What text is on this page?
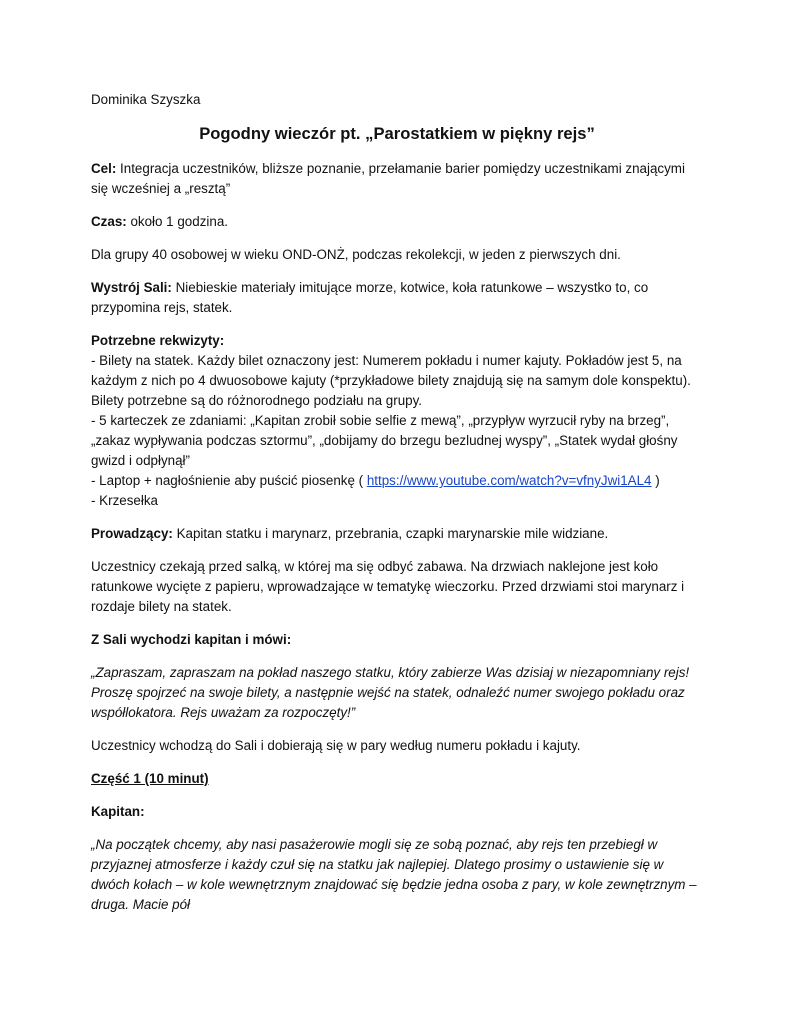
Dominika Szyszka

Pogodny wieczór pt. „Parostatkiem w piękny rejs”

Cel: Integracja uczestników, bliższe poznanie, przełamanie barier pomiędzy uczestnikami znającymi się wcześniej a „resztą”

Czas: około 1 godzina.

Dla grupy 40 osobowej w wieku OND-ONŻ, podczas rekolekcji, w jeden z pierwszych dni.

Wystrój Sali: Niebieskie materiały imitujące morze, kotwice, koła ratunkowe – wszystko to, co przypomina rejs, statek.

Potrzebne rekwizyty:
- Bilety na statek. Każdy bilet oznaczony jest: Numerem pokładu i numer kajuty. Pokładów jest 5, na każdym z nich po 4 dwuosobowe kajuty (*przykładowe bilety znajdują się na samym dole konspektu). Bilety potrzebne są do różnorodnego podziału na grupy.
- 5 karteczek ze zdaniami: „Kapitan zrobił sobie selfie z mewą”, „przypływ wyrzucił ryby na brzeg”, „zakaz wypływania podczas sztormu”, „dobijamy do brzegu bezludnej wyspy”, „Statek wydał głośny gwizd i odpłynął”
- Laptop + nagłośnienie aby puścić piosenkę ( https://www.youtube.com/watch?v=vfnyJwi1AL4 )
- Krzesełka

Prowadzący: Kapitan statku i marynarz, przebrania, czapki marynarskie mile widziane.

Uczestnicy czekają przed salką, w której ma się odbyć zabawa. Na drzwiach naklejone jest koło ratunkowe wycięte z papieru, wprowadzające w tematykę wieczorku. Przed drzwiami stoi marynarz i rozdaje bilety na statek.

Z Sali wychodzi kapitan i mówi:

„Zapraszam, zapraszam na pokład naszego statku, który zabierze Was dzisiaj w niezapomniany rejs! Proszę spojrzeć na swoje bilety, a następnie wejść na statek, odnaleźć numer swojego pokładu oraz współlokatora. Rejs uważam za rozpoczęty!”

Uczestnicy wchodzą do Sali i dobierają się w pary według numeru pokładu i kajuty.

Część 1 (10 minut)

Kapitan:

„Na początek chcemy, aby nasi pasażerowie mogli się ze sobą poznać, aby rejs ten przebiegł w przyjaznej atmosferze i każdy czuł się na statku jak najlepiej. Dlatego prosimy o ustawienie się w dwóch kołach – w kole wewnętrznym znajdować się będzie jedna osoba z pary, w kole zewnętrznym – druga. Macie pół
